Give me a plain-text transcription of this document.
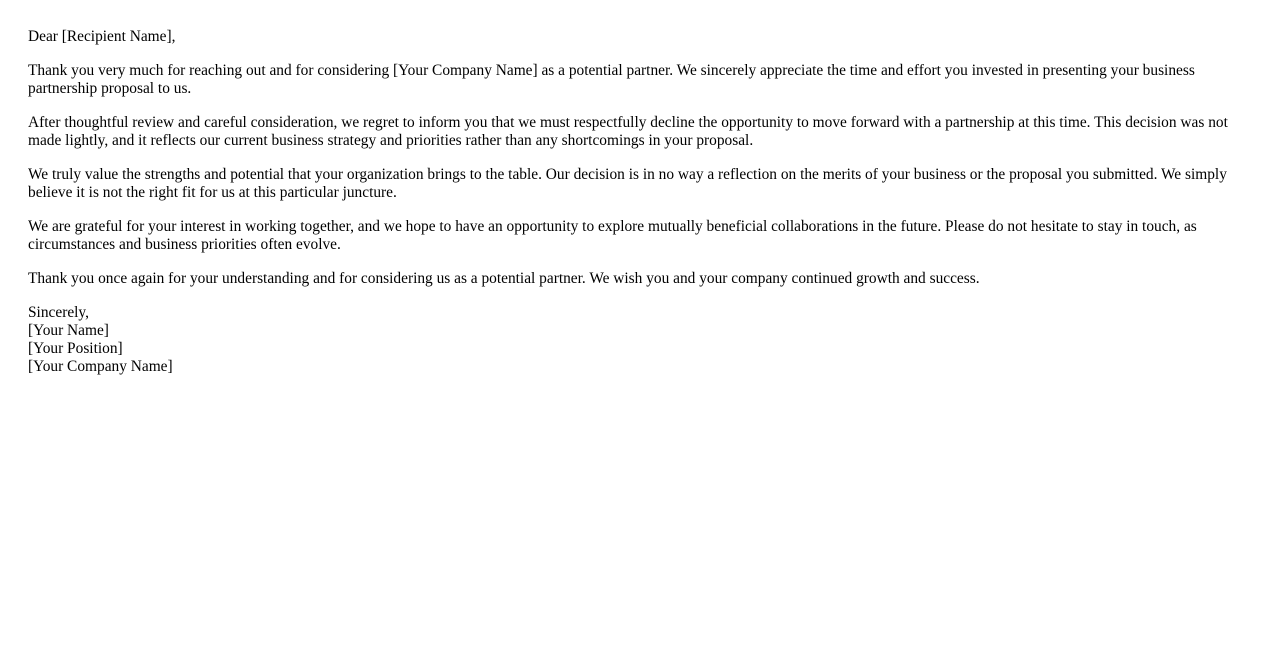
Dear [Recipient Name],

Thank you very much for reaching out and for considering [Your Company Name] as a potential partner. We sincerely appreciate the time and effort you invested in presenting your business partnership proposal to us.

After thoughtful review and careful consideration, we regret to inform you that we must respectfully decline the opportunity to move forward with a partnership at this time. This decision was not made lightly, and it reflects our current business strategy and priorities rather than any shortcomings in your proposal.

We truly value the strengths and potential that your organization brings to the table. Our decision is in no way a reflection on the merits of your business or the proposal you submitted. We simply believe it is not the right fit for us at this particular juncture.

We are grateful for your interest in working together, and we hope to have an opportunity to explore mutually beneficial collaborations in the future. Please do not hesitate to stay in touch, as circumstances and business priorities often evolve.

Thank you once again for your understanding and for considering us as a potential partner. We wish you and your company continued growth and success.

Sincerely,
[Your Name]
[Your Position]
[Your Company Name]
